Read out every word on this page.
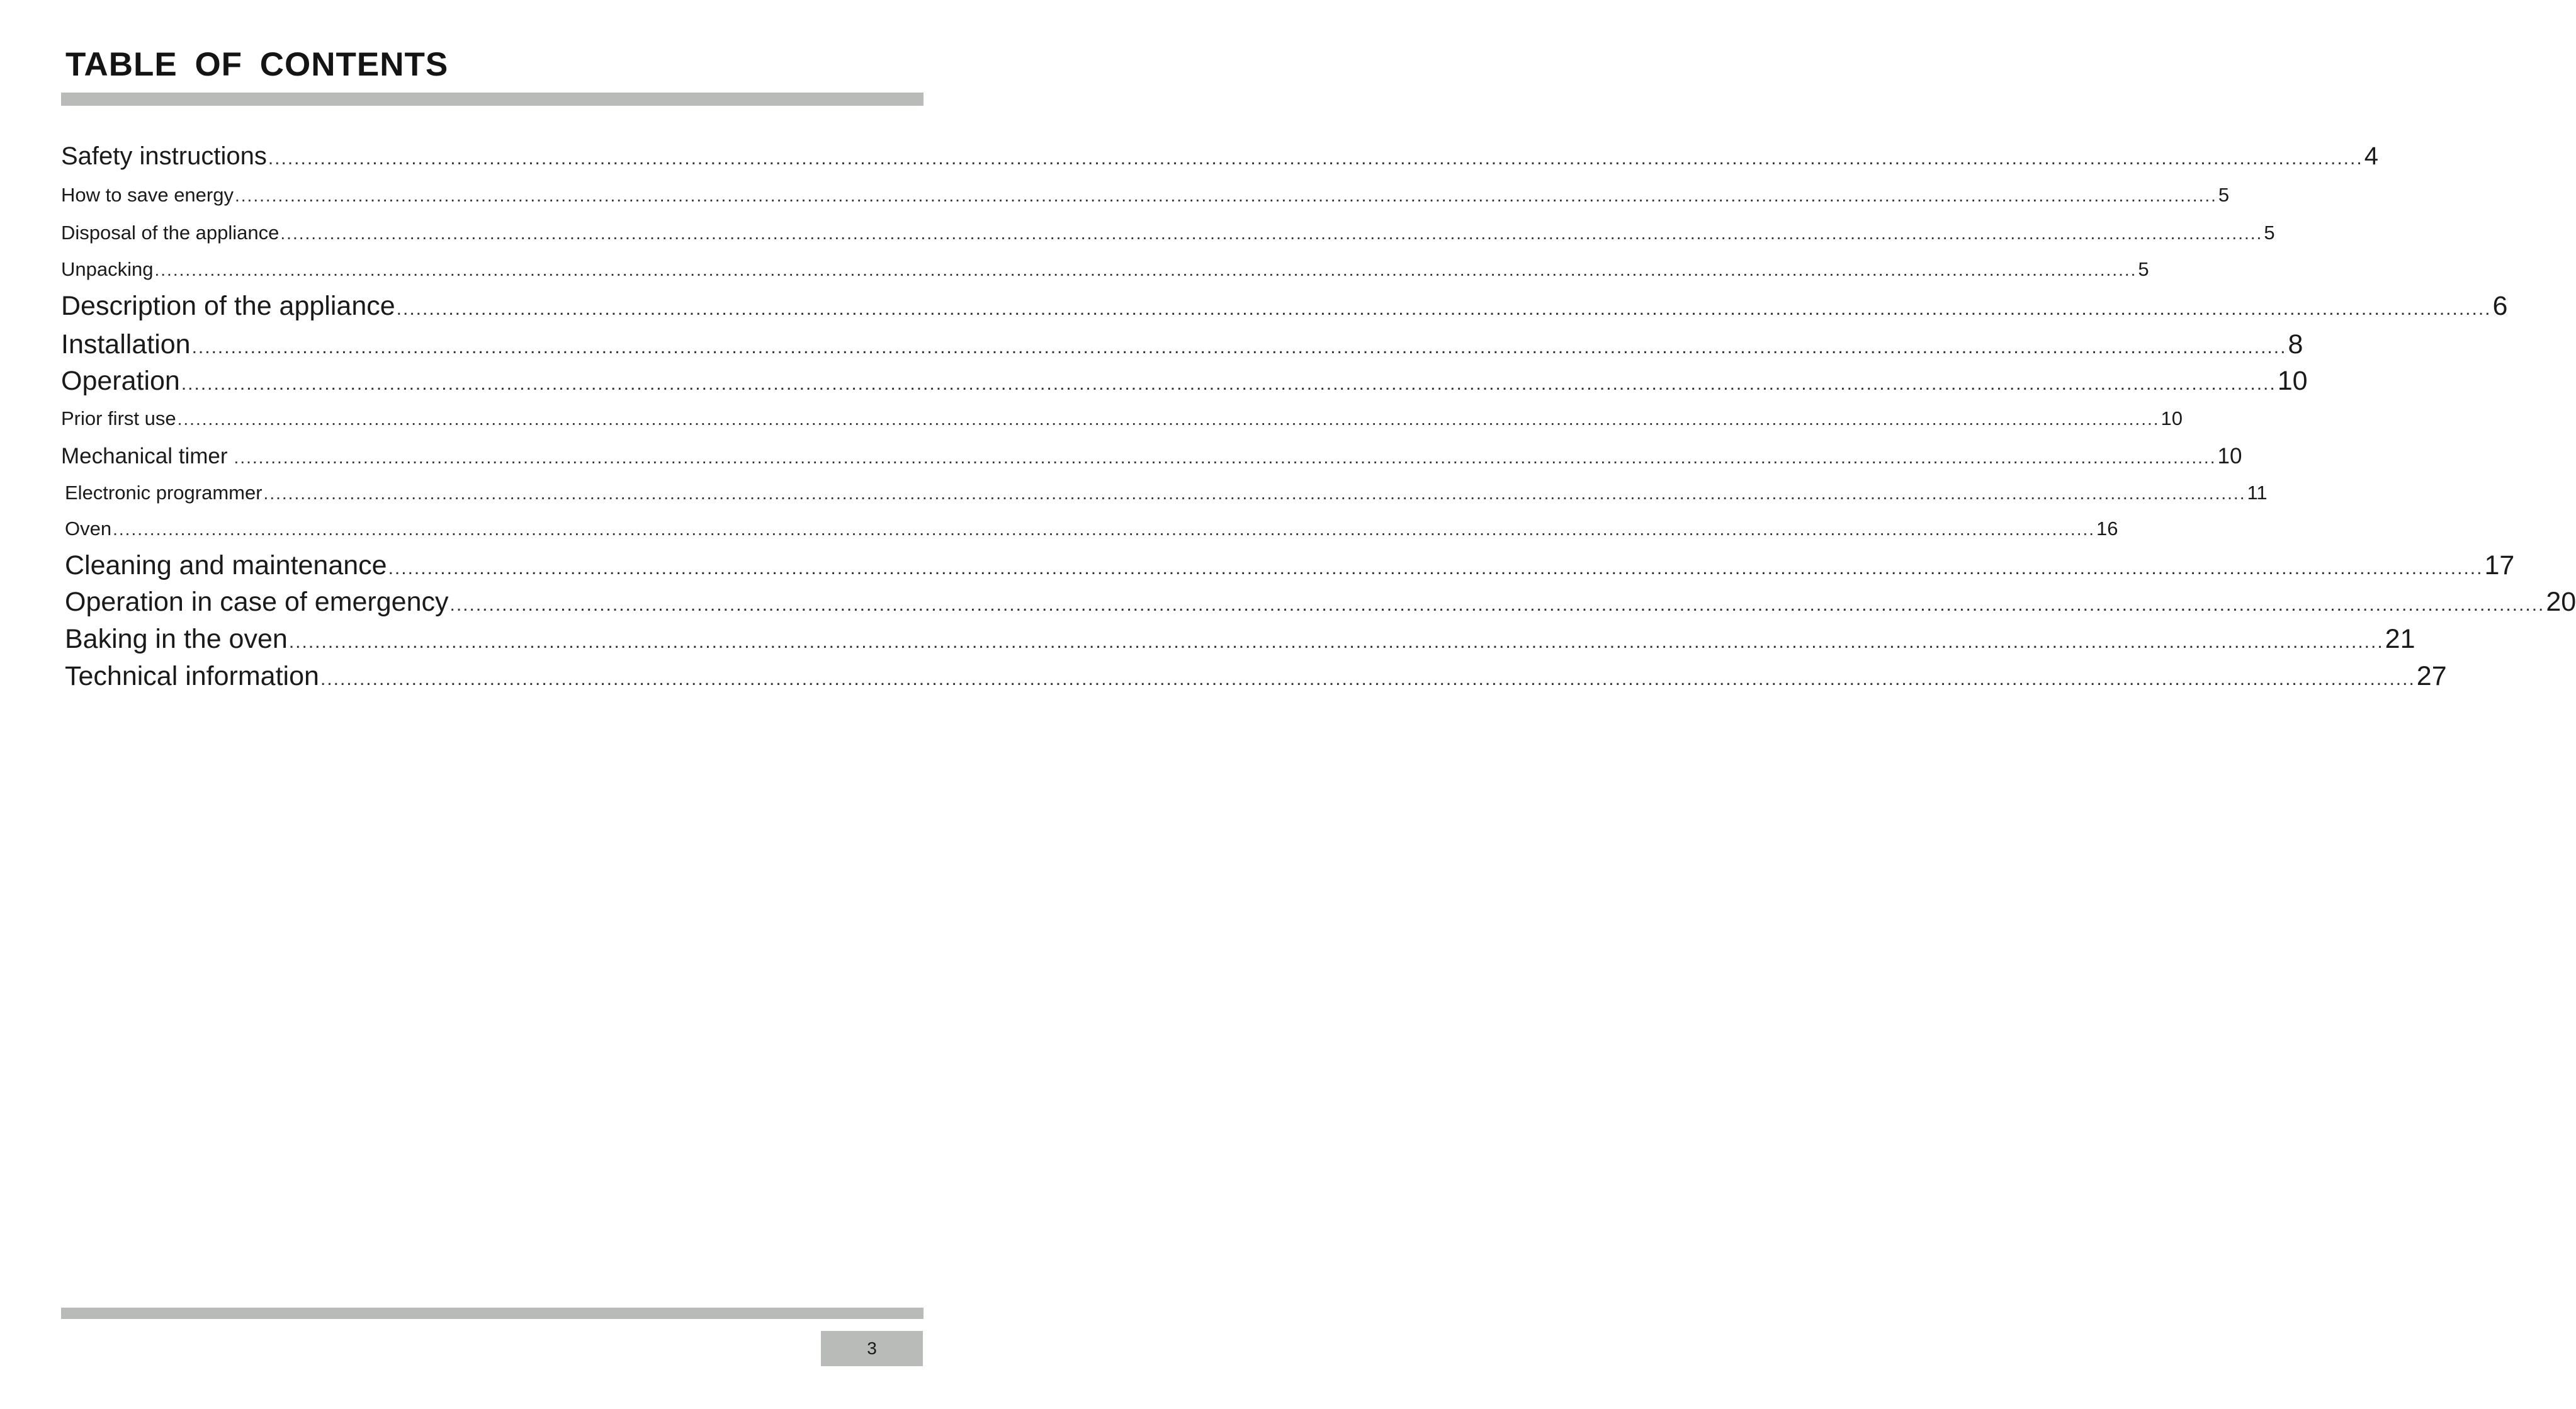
TABLE OF CONTENTS
Safety instructions .................................................................................................................................................................................................................................................................................................................................. 4
How to save energy .................................................................................................................................................................................................................................................................................................................................. 5
Disposal of the appliance .................................................................................................................................................................................................................................................................................................................................. 5
Unpacking .................................................................................................................................................................................................................................................................................................................................. 5
Description of the appliance .................................................................................................................................................................................................................................................................................................................................. 6
Installation .................................................................................................................................................................................................................................................................................................................................. 8
Operation .................................................................................................................................................................................................................................................................................................................................. 10
Prior first use .................................................................................................................................................................................................................................................................................................................................. 10
Mechanical timer .................................................................................................................................................................................................................................................................................................................................. 10
Electronic programmer .................................................................................................................................................................................................................................................................................................................................. 11
Oven .................................................................................................................................................................................................................................................................................................................................. 16
Cleaning and maintenance .................................................................................................................................................................................................................................................................................................................................. 17
Operation in case of emergency .................................................................................................................................................................................................................................................................................................................................. 20
Baking in the oven .................................................................................................................................................................................................................................................................................................................................. 21
Technical information .................................................................................................................................................................................................................................................................................................................................. 27
3
